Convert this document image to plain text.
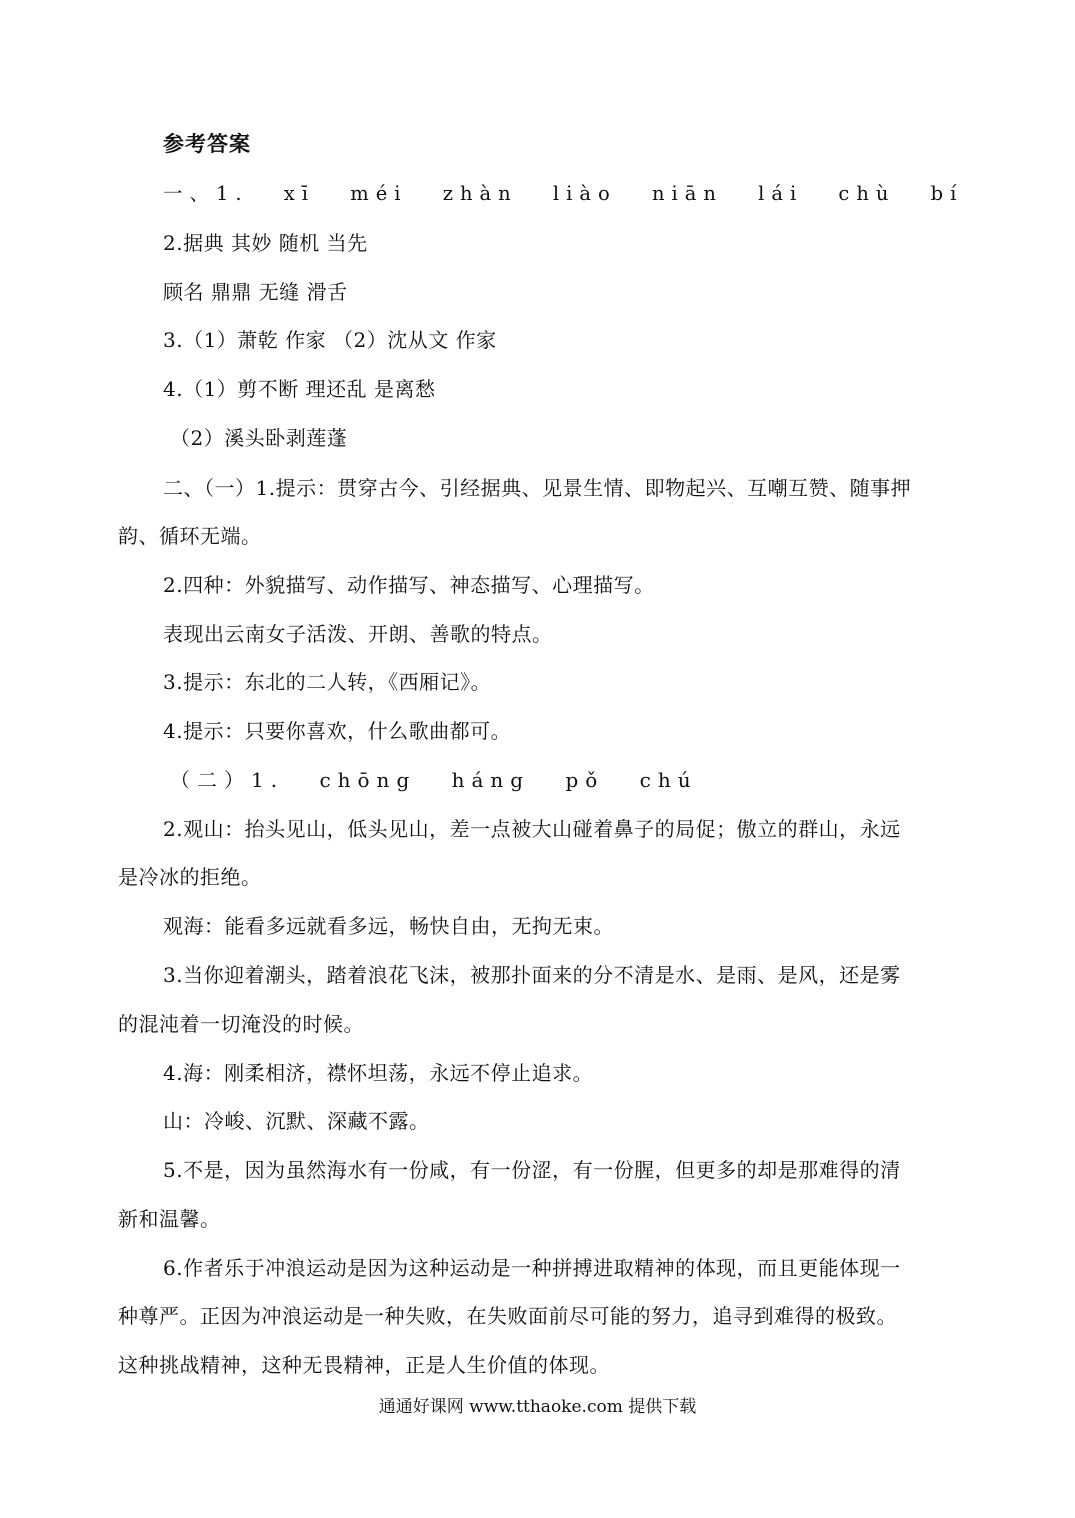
参考答案
一、1. xī méi zhàn liào niān lái chù bí
2.据典 其妙 随机 当先
顾名 鼎鼎 无缝 滑舌
3.（1）萧乾 作家 （2）沈从文 作家
4.（1）剪不断 理还乱 是离愁
（2）溪头卧剥莲蓬
二、（一）1.提示：贯穿古今、引经据典、见景生情、即物起兴、互嘲互赞、随事押
韵、循环无端。
2.四种：外貌描写、动作描写、神态描写、心理描写。
表现出云南女子活泼、开朗、善歌的特点。
3.提示：东北的二人转，《西厢记》。
4.提示：只要你喜欢，什么歌曲都可。
（二）1. chōng háng pǒ chú
2.观山：抬头见山，低头见山，差一点被大山碰着鼻子的局促；傲立的群山，永远
是冷冰的拒绝。
观海：能看多远就看多远，畅快自由，无拘无束。
3.当你迎着潮头，踏着浪花飞沫，被那扑面来的分不清是水、是雨、是风，还是雾
的混沌着一切淹没的时候。
4.海：刚柔相济，襟怀坦荡，永远不停止追求。
山：冷峻、沉默、深藏不露。
5.不是，因为虽然海水有一份咸，有一份涩，有一份腥，但更多的却是那难得的清
新和温馨。
6.作者乐于冲浪运动是因为这种运动是一种拼搏进取精神的体现，而且更能体现一
种尊严。正因为冲浪运动是一种失败，在失败面前尽可能的努力，追寻到难得的极致。
这种挑战精神，这种无畏精神，正是人生价值的体现。
通通好课网 www.tthaoke.com 提供下载
